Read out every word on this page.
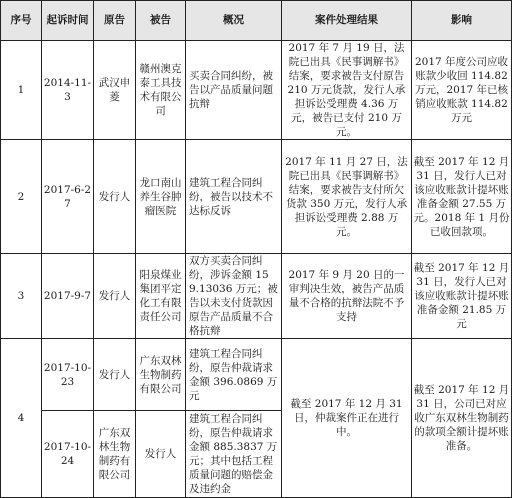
序号	起诉时间	原告	被告	概况	案件处理结果	影响
1	2014-11-3	武汉申菱	赣州澳克泰工具技术有限公司	买卖合同纠纷，被告以产品质量问题抗辩	2017 年 7 月 19 日，法院已出具《民事调解书》结案，要求被告支付原告 210 万元货款，发行人承担诉讼受理费 4.36 万元，被告已支付 210 万元。	2017 年度公司应收账款少收回 114.82 万元，2017 年已核销应收账款 114.82 万元
2	2017-6-27	发行人	龙口南山养生谷肿瘤医院	建筑工程合同纠纷，被告以技术不达标反诉	2017 年 11 月 27 日，法院已出具《民事调解书》结案，要求被告支付所欠货款 350 万元，发行人承担诉讼受理费 2.88 万元。	截至 2017 年 12 月 31 日，发行人已对该应收账款计提坏账准备金额 27.55 万元。2018 年 1 月份已收回款项。
3	2017-9-7	发行人	阳泉煤业集团平定化工有限责任公司	双方买卖合同纠纷，涉诉金额 159.13036 万元；被告以未支付货款因原告产品质量不合格抗辩	2017 年 9 月 20 日的一审判决生效，被告产品质量不合格的抗辩法院不予支持	截至 2017 年 12 月 31 日，发行人已对该应收账款计提坏账准备金额 21.85 万元
4	2017-10-23	发行人	广东双林生物制药有限公司	建筑工程合同纠纷，原告仲裁请求金额 396.0869 万元	截至 2017 年 12 月 31 日，仲裁案件正在进行中。	截至 2017 年 12 月 31 日，公司已对应收广东双林生物制药的款项全额计提坏账准备。
	2017-10-24	广东双林生物制药有限公司	发行人	建筑工程合同纠纷，原告仲裁请求金额 885.3837 万元；其中包括工程质量问题的赔偿金及违约金		
